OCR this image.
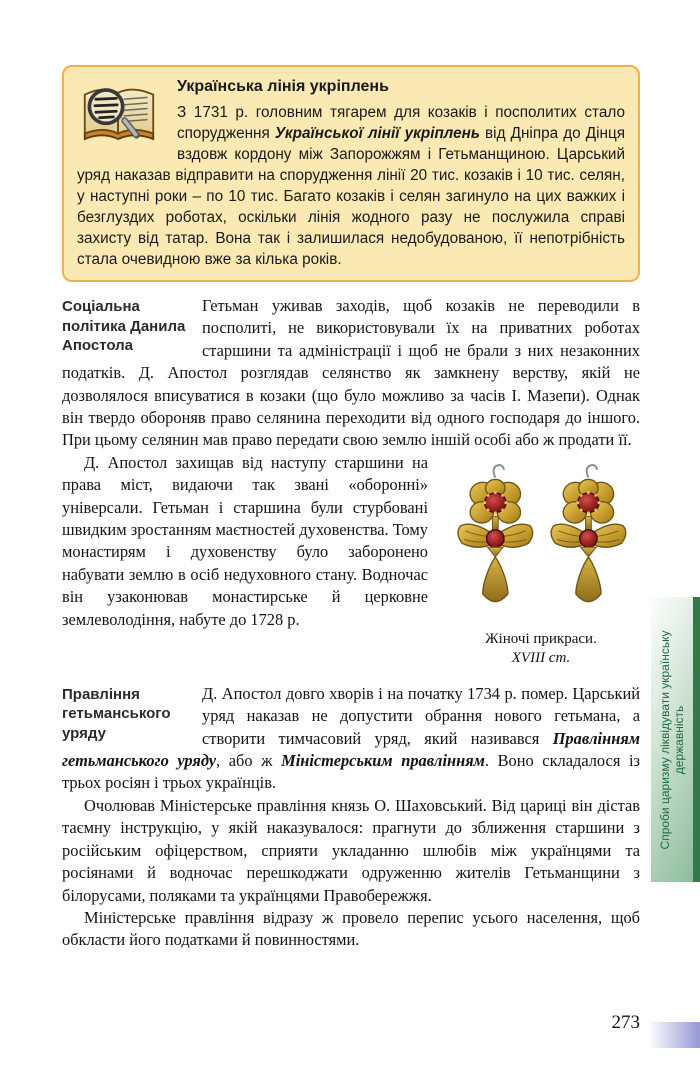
Українська лінія укріплень
З 1731 р. головним тягарем для козаків і посполитих стало спорудження Української лінії укріплень від Дніпра до Дінця вздовж кордону між Запорожжям і Гетьманщиною. Царський уряд наказав відправити на спорудження лінії 20 тис. козаків і 10 тис. селян, у наступні роки – по 10 тис. Багато козаків і селян загинуло на цих важких і безглуздих роботах, оскільки лінія жодного разу не послужила справі захисту від татар. Вона так і залишилася недобудованою, її непотрібність стала очевидною вже за кілька років.
Соціальна політика Данила Апостола

Гетьман уживав заходів, щоб козаків не переводили в посполиті, не використовували їх на приватних роботах старшини та адміністрації і щоб не брали з них незаконних податків. Д. Апостол розглядав селянство як замкнену верству, якій не дозволялося вписуватися в козаки (що було можливо за часів І. Мазепи). Однак він твердо обороняв право селянина переходити від одного господаря до іншого. При цьому селянин мав право передати свою землю іншій особі або ж продати її.

Жіночі прикраси.
XVIII ст.

Д. Апостол захищав від наступу старшини на права міст, видаючи так звані «оборонні» універсали. Гетьман і старшина були стурбовані швидким зростанням маєтностей духовенства. Тому монастирям і духовенству було заборонено набувати землю в осіб недуховного стану. Водночас він узаконював монастирське й церковне землеволодіння, набуте до 1728 р.

Правління гетьманського уряду

Д. Апостол довго хворів і на початку 1734 р. помер. Царський уряд наказав не допустити обрання нового гетьмана, а створити тимчасовий уряд, який називався Правлінням гетьманського уряду, або ж Міністерським правлінням. Воно складалося із трьох росіян і трьох українців.

Очолював Міністерське правління князь О. Шаховський. Від цариці він дістав таємну інструкцію, у якій наказувалося: прагнути до зближення старшини з російським офіцерством, сприяти укладанню шлюбів між українцями та росіянами й водночас перешкоджати одруженню жителів Гетьманщини з білорусами, поляками та українцями Правобережжя.

Міністерське правління відразу ж провело перепис усього населення, щоб обкласти його податками й повинностями.

273
Спроби царизму ліквідувати українську державність
